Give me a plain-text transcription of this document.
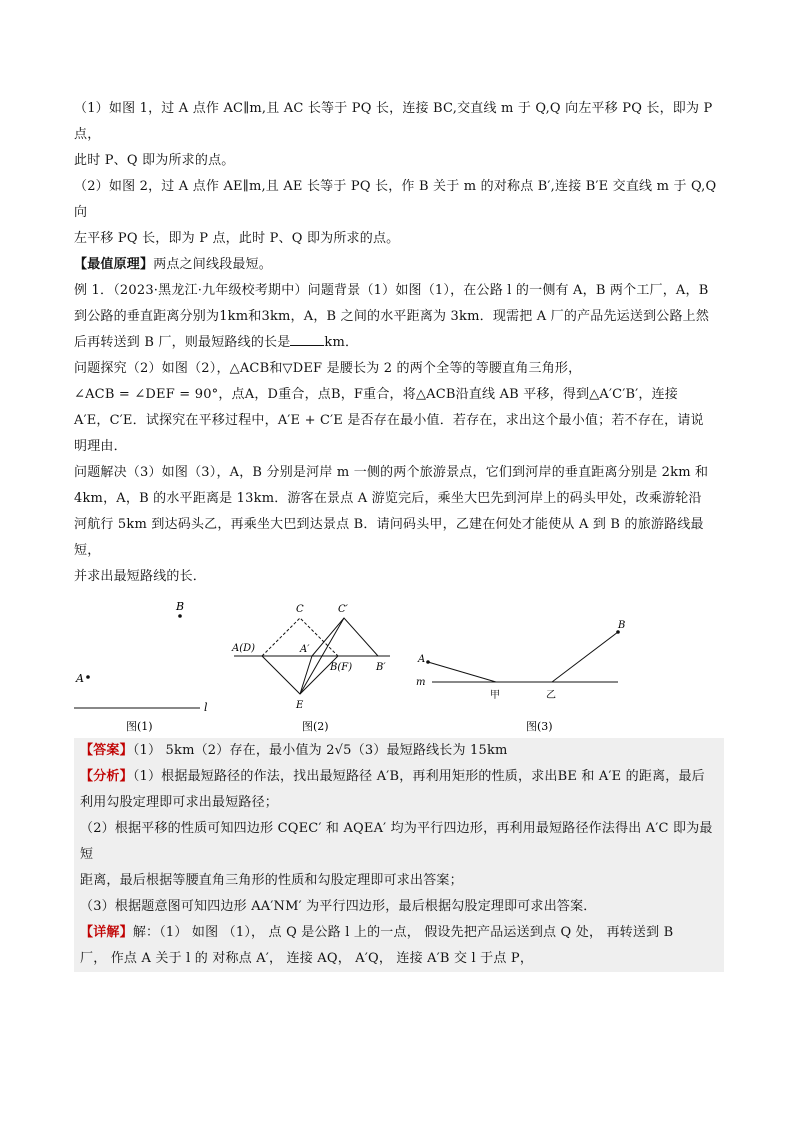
（1）如图 1，过 A 点作 AC∥m,且 AC 长等于 PQ 长，连接 BC,交直线 m 于 Q,Q 向左平移 PQ 长，即为 P 点，

此时 P、Q 即为所求的点。

（2）如图 2，过 A 点作 AE∥m,且 AE 长等于 PQ 长，作 B 关于 m 的对称点 B′,连接 B′E 交直线 m 于 Q,Q 向

左平移 PQ 长，即为 P 点，此时 P、Q 即为所求的点。

【最值原理】两点之间线段最短。

例 1．（2023·黑龙江·九年级校考期中）问题背景（1）如图（1），在公路 l 的一侧有 A，B 两个工厂，A，B

到公路的垂直距离分别为1km和3km，A，B 之间的水平距离为 3km．现需把 A 厂的产品先运送到公路上然

后再转送到 B 厂，则最短路线的长是	km．

问题探究（2）如图（2），△ACB和▽DEF 是腰长为 2 的两个全等的等腰直角三角形，

∠ACB = ∠DEF = 90°，点A，D重合，点B，F重合，将△ACB沿直线 AB 平移，得到△A′C′B′，连接

A′E，C′E．试探究在平移过程中，A′E + C′E 是否存在最小值．若存在，求出这个最小值；若不存在，请说

明理由．

问题解决（3）如图（3），A，B 分别是河岸 m 一侧的两个旅游景点，它们到河岸的垂直距离分别是 2km 和

4km，A，B 的水平距离是 13km．游客在景点 A 游览完后，乘坐大巴先到河岸上的码头甲处，改乘游轮沿

河航行 5km 到达码头乙，再乘坐大巴到达景点 B．请问码头甲，乙建在何处才能使从 A 到 B 的旅游路线最短，

并求出最短路线的长．

B
A
l
图(1)
A(D)
C	C′
A′
B(F) B′
E
图(2)
A
B
m
甲	乙
图(3)

【答案】（1） 5km（2）存在，最小值为 2√5（3）最短路线长为 15km

【分析】（1）根据最短路径的作法，找出最短路径 A′B，再利用矩形的性质，求出BE 和 A′E 的距离，最后

利用勾股定理即可求出最短路径；

（2）根据平移的性质可知四边形 CQEC′ 和 AQEA′ 均为平行四边形，再利用最短路径作法得出 A′C 即为最短

距离，最后根据等腰直角三角形的性质和勾股定理即可求出答案；

（3）根据题意图可知四边形 AA′NM′ 为平行四边形，最后根据勾股定理即可求出答案．

【详解】解：（1） 如图 （1）， 点 Q 是公路 l 上的一点， 假设先把产品运送到点 Q 处， 再转送到 B

厂， 作点 A 关于 l 的 对称点 A′， 连接 AQ， A′Q， 连接 A′B 交 l 于点 P，
